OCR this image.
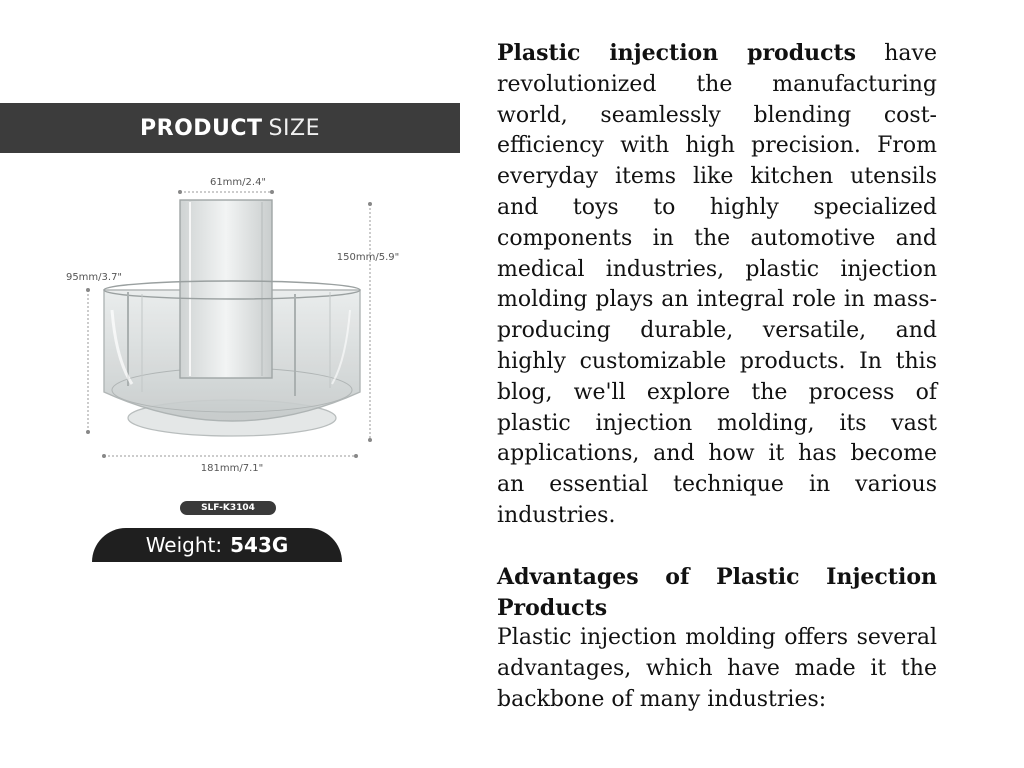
PRODUCT SIZE
61mm/2.4"
150mm/5.9"
95mm/3.7"
181mm/7.1"
SLF-K3104
Weight: 543G

Plastic injection products have revolutionized the manufacturing world, seamlessly blending cost-efficiency with high precision. From everyday items like kitchen utensils and toys to highly specialized components in the automotive and medical industries, plastic injection molding plays an integral role in mass-producing durable, versatile, and highly customizable products. In this blog, we'll explore the process of plastic injection molding, its vast applications, and how it has become an essential technique in various industries.

Advantages of Plastic Injection Products

Plastic injection molding offers several advantages, which have made it the backbone of many industries:
